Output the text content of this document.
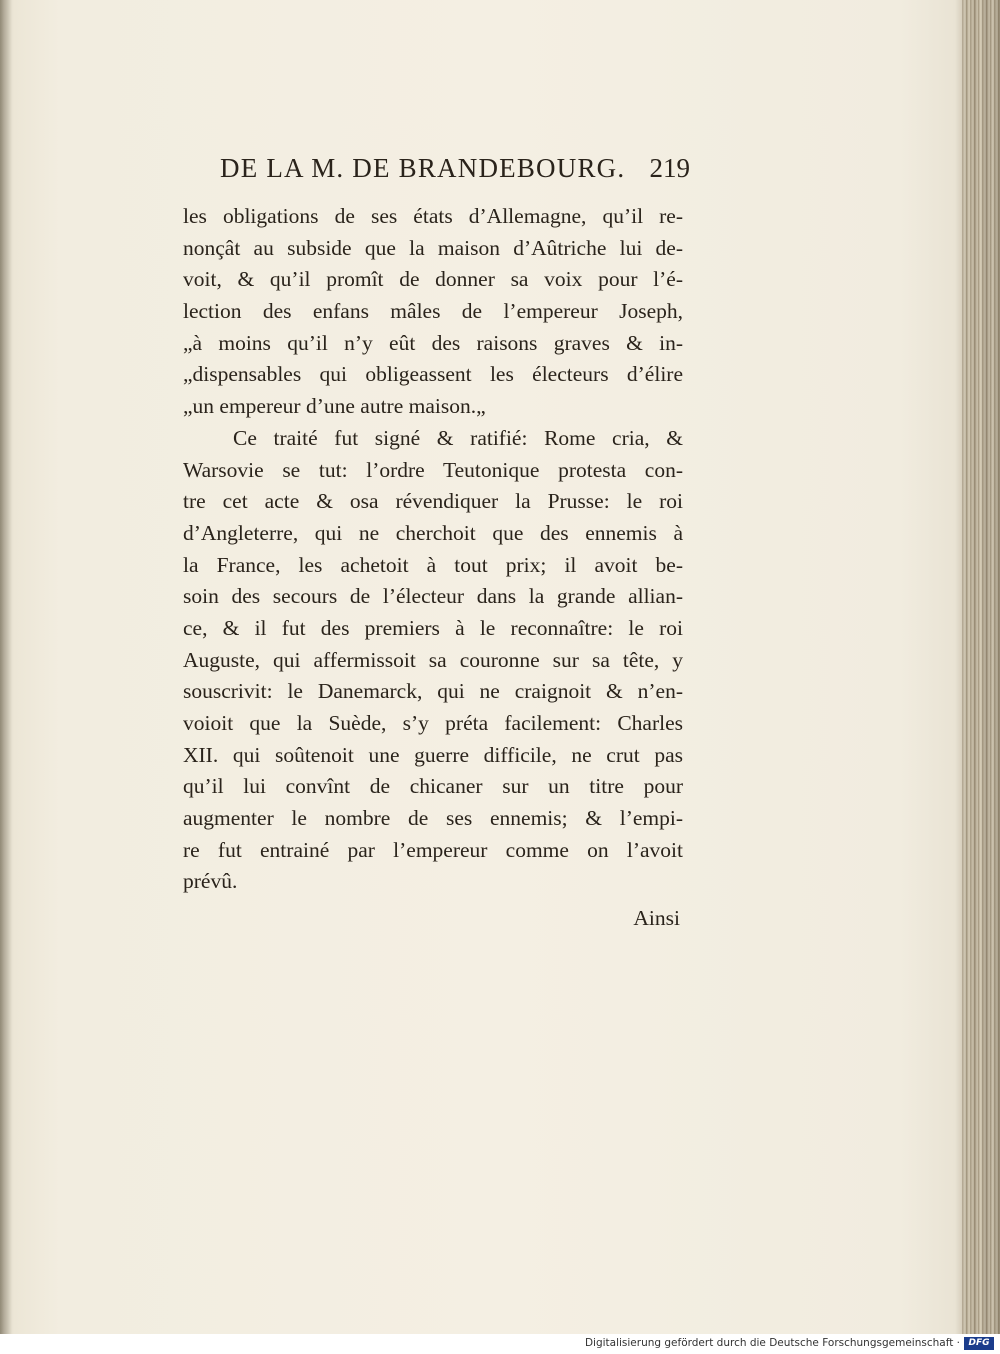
DE LA M. DE BRANDEBOURG. 219
les obligations de ses états d’Allemagne, qu’il re-
nonçât au subside que la maison d’Aûtriche lui de-
voit, & qu’il promît de donner sa voix pour l’é-
lection des enfans mâles de l’empereur Joseph,
„à moins qu’il n’y eût des raisons graves & in-
„dispensables qui obligeassent les électeurs d’élire
„un empereur d’une autre maison.„
Ce traité fut signé & ratifié: Rome cria, &
Warsovie se tut: l’ordre Teutonique protesta con-
tre cet acte & osa révendiquer la Prusse: le roi
d’Angleterre, qui ne cherchoit que des ennemis à
la France, les achetoit à tout prix; il avoit be-
soin des secours de l’électeur dans la grande allian-
ce, & il fut des premiers à le reconnaître: le roi
Auguste, qui affermissoit sa couronne sur sa tête, y
souscrivit: le Danemarck, qui ne craignoit & n’en-
voioit que la Suède, s’y préta facilement: Charles
XII. qui soûtenoit une guerre difficile, ne crut pas
qu’il lui convînt de chicaner sur un titre pour
augmenter le nombre de ses ennemis; & l’empi-
re fut entrainé par l’empereur comme on l’avoit
prévû.
Ainsi
Digitalisierung gefördert durch die Deutsche Forschungsgemeinschaft · DFG
